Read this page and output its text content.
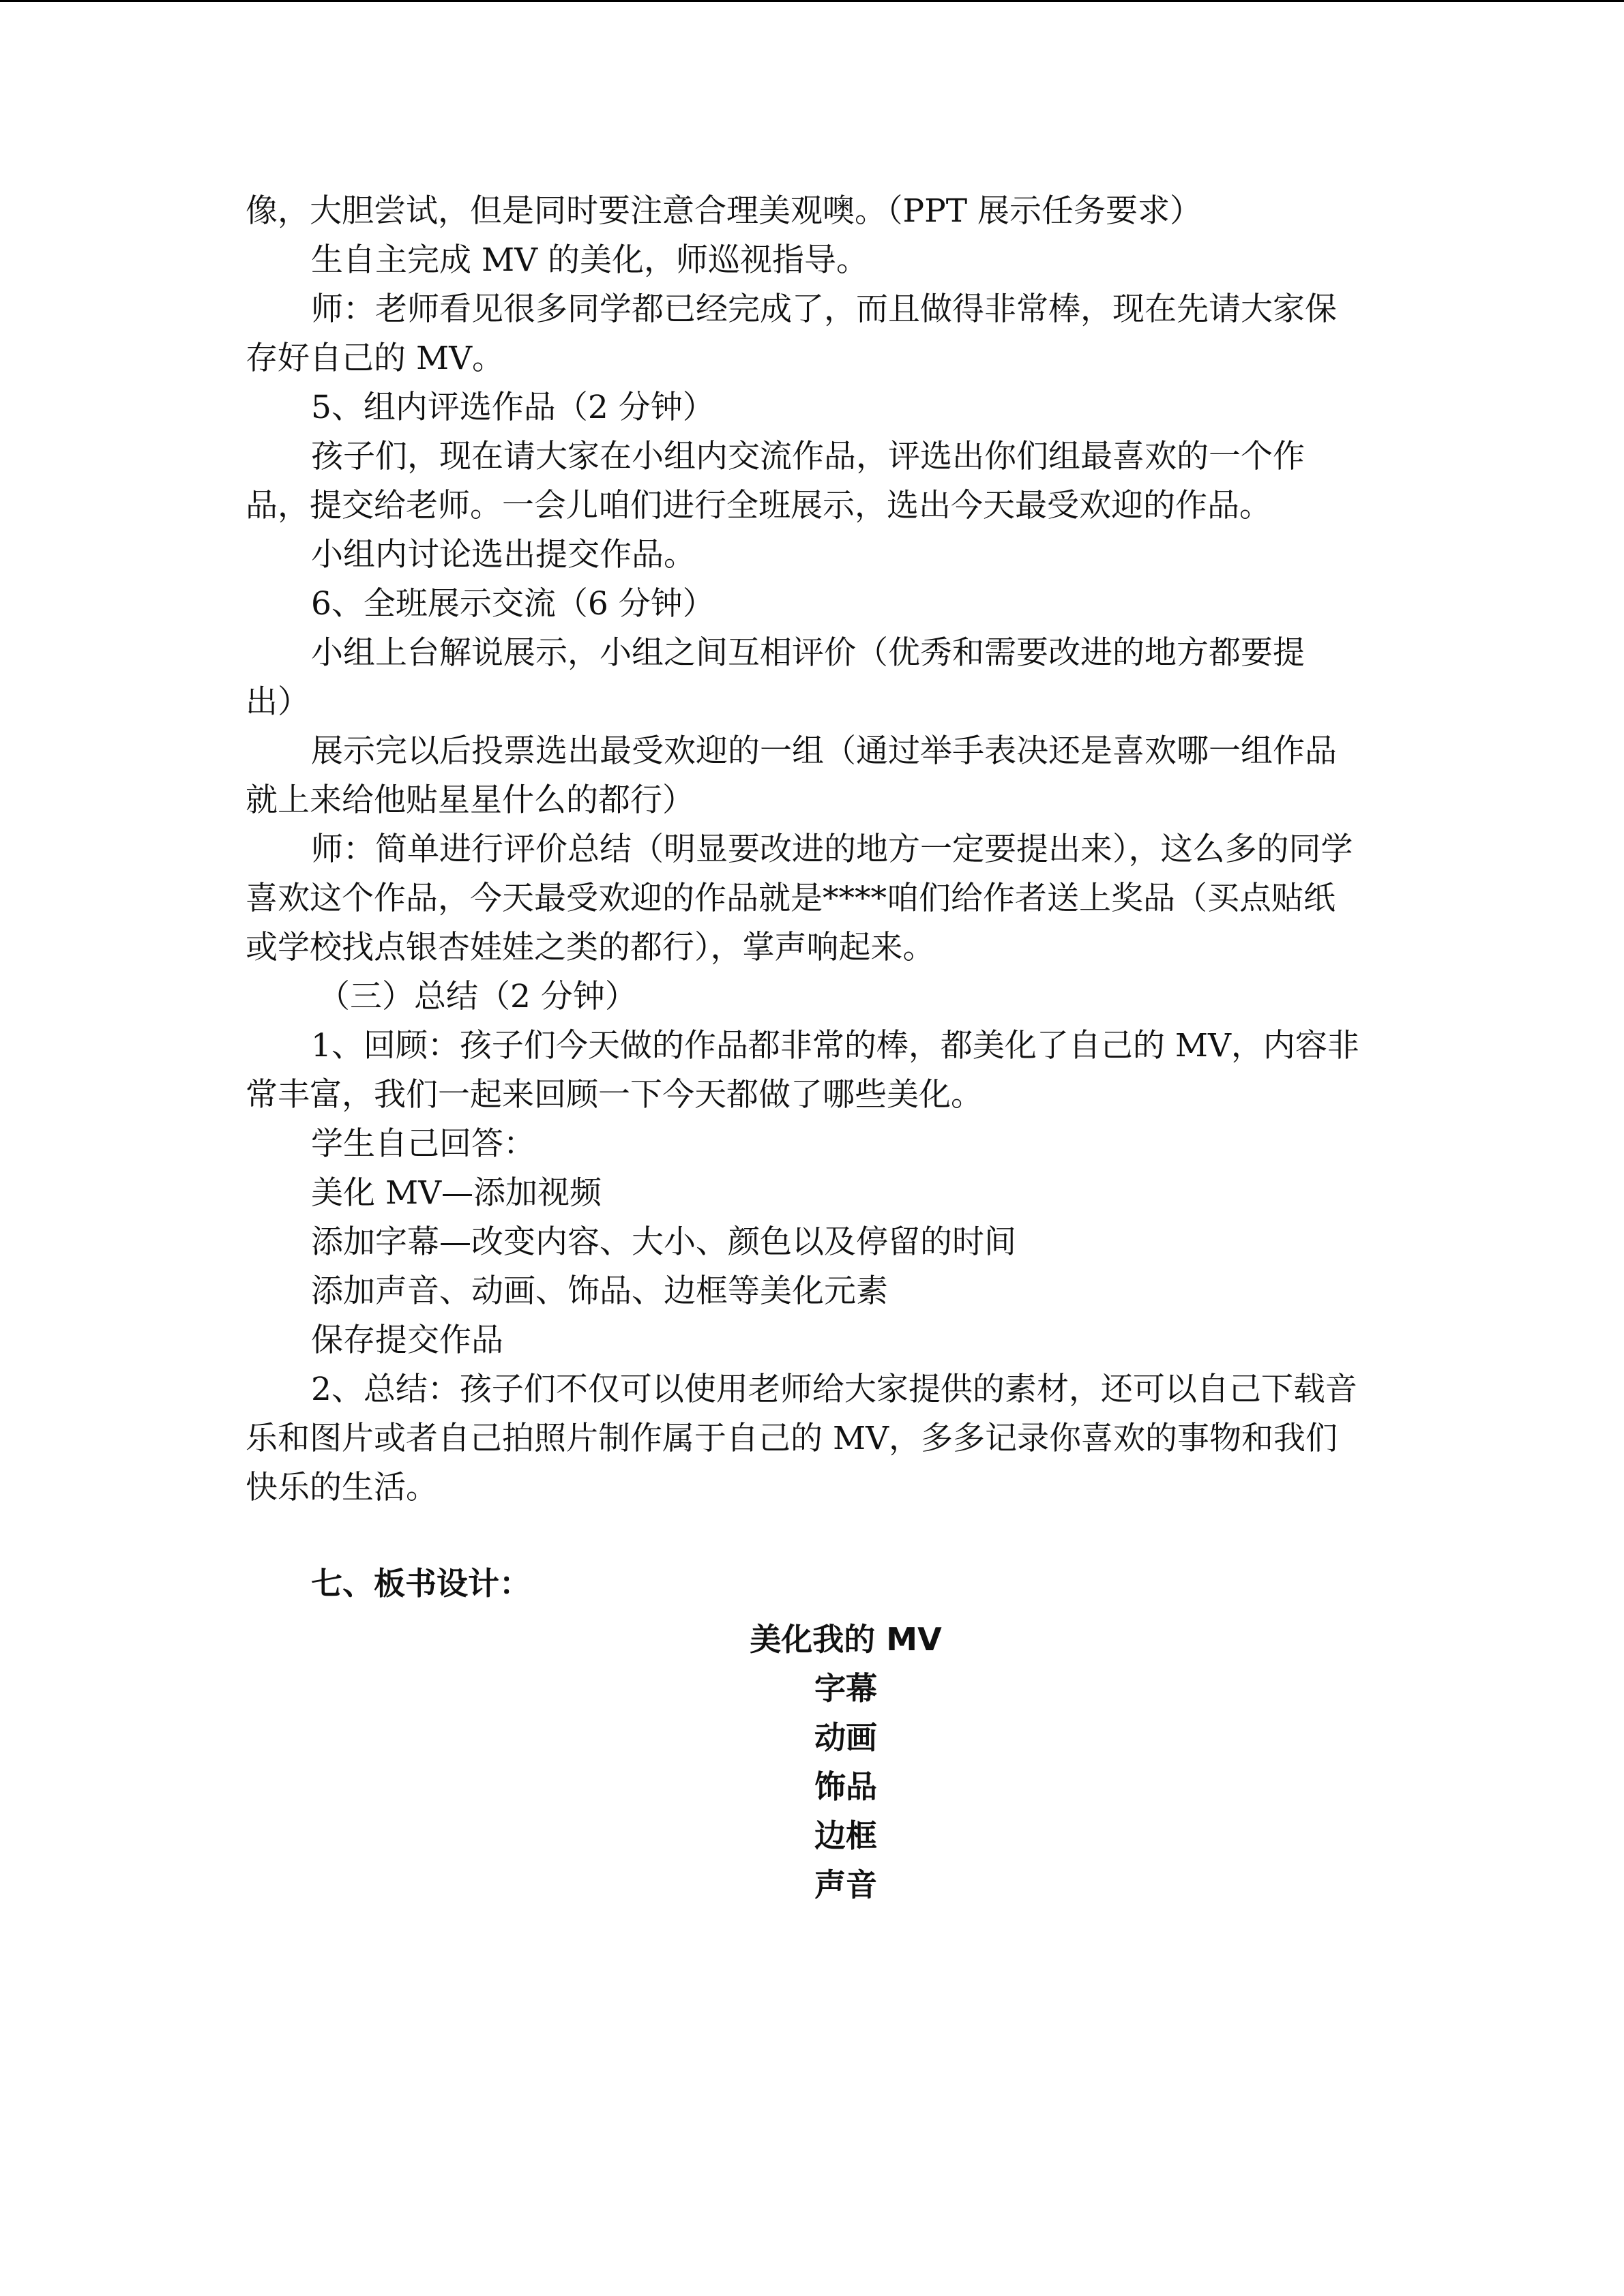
像，大胆尝试，但是同时要注意合理美观噢。（PPT 展示任务要求）
生自主完成 MV 的美化，师巡视指导。
师：老师看见很多同学都已经完成了，而且做得非常棒，现在先请大家保
存好自己的 MV。
5、组内评选作品（2 分钟）
孩子们，现在请大家在小组内交流作品，评选出你们组最喜欢的一个作
品，提交给老师。一会儿咱们进行全班展示，选出今天最受欢迎的作品。
小组内讨论选出提交作品。
6、全班展示交流（6 分钟）
小组上台解说展示，小组之间互相评价（优秀和需要改进的地方都要提
出）
展示完以后投票选出最受欢迎的一组（通过举手表决还是喜欢哪一组作品
就上来给他贴星星什么的都行）
师：简单进行评价总结（明显要改进的地方一定要提出来），这么多的同学
喜欢这个作品，今天最受欢迎的作品就是****咱们给作者送上奖品（买点贴纸
或学校找点银杏娃娃之类的都行），掌声响起来。
（三）总结（2 分钟）
1、回顾：孩子们今天做的作品都非常的棒，都美化了自己的 MV，内容非
常丰富，我们一起来回顾一下今天都做了哪些美化。
学生自己回答：
美化 MV—添加视频
添加字幕—改变内容、大小、颜色以及停留的时间
添加声音、动画、饰品、边框等美化元素
保存提交作品
2、总结：孩子们不仅可以使用老师给大家提供的素材，还可以自己下载音
乐和图片或者自己拍照片制作属于自己的 MV，多多记录你喜欢的事物和我们
快乐的生活。
七、板书设计：
美化我的 MV
字幕
动画
饰品
边框
声音
